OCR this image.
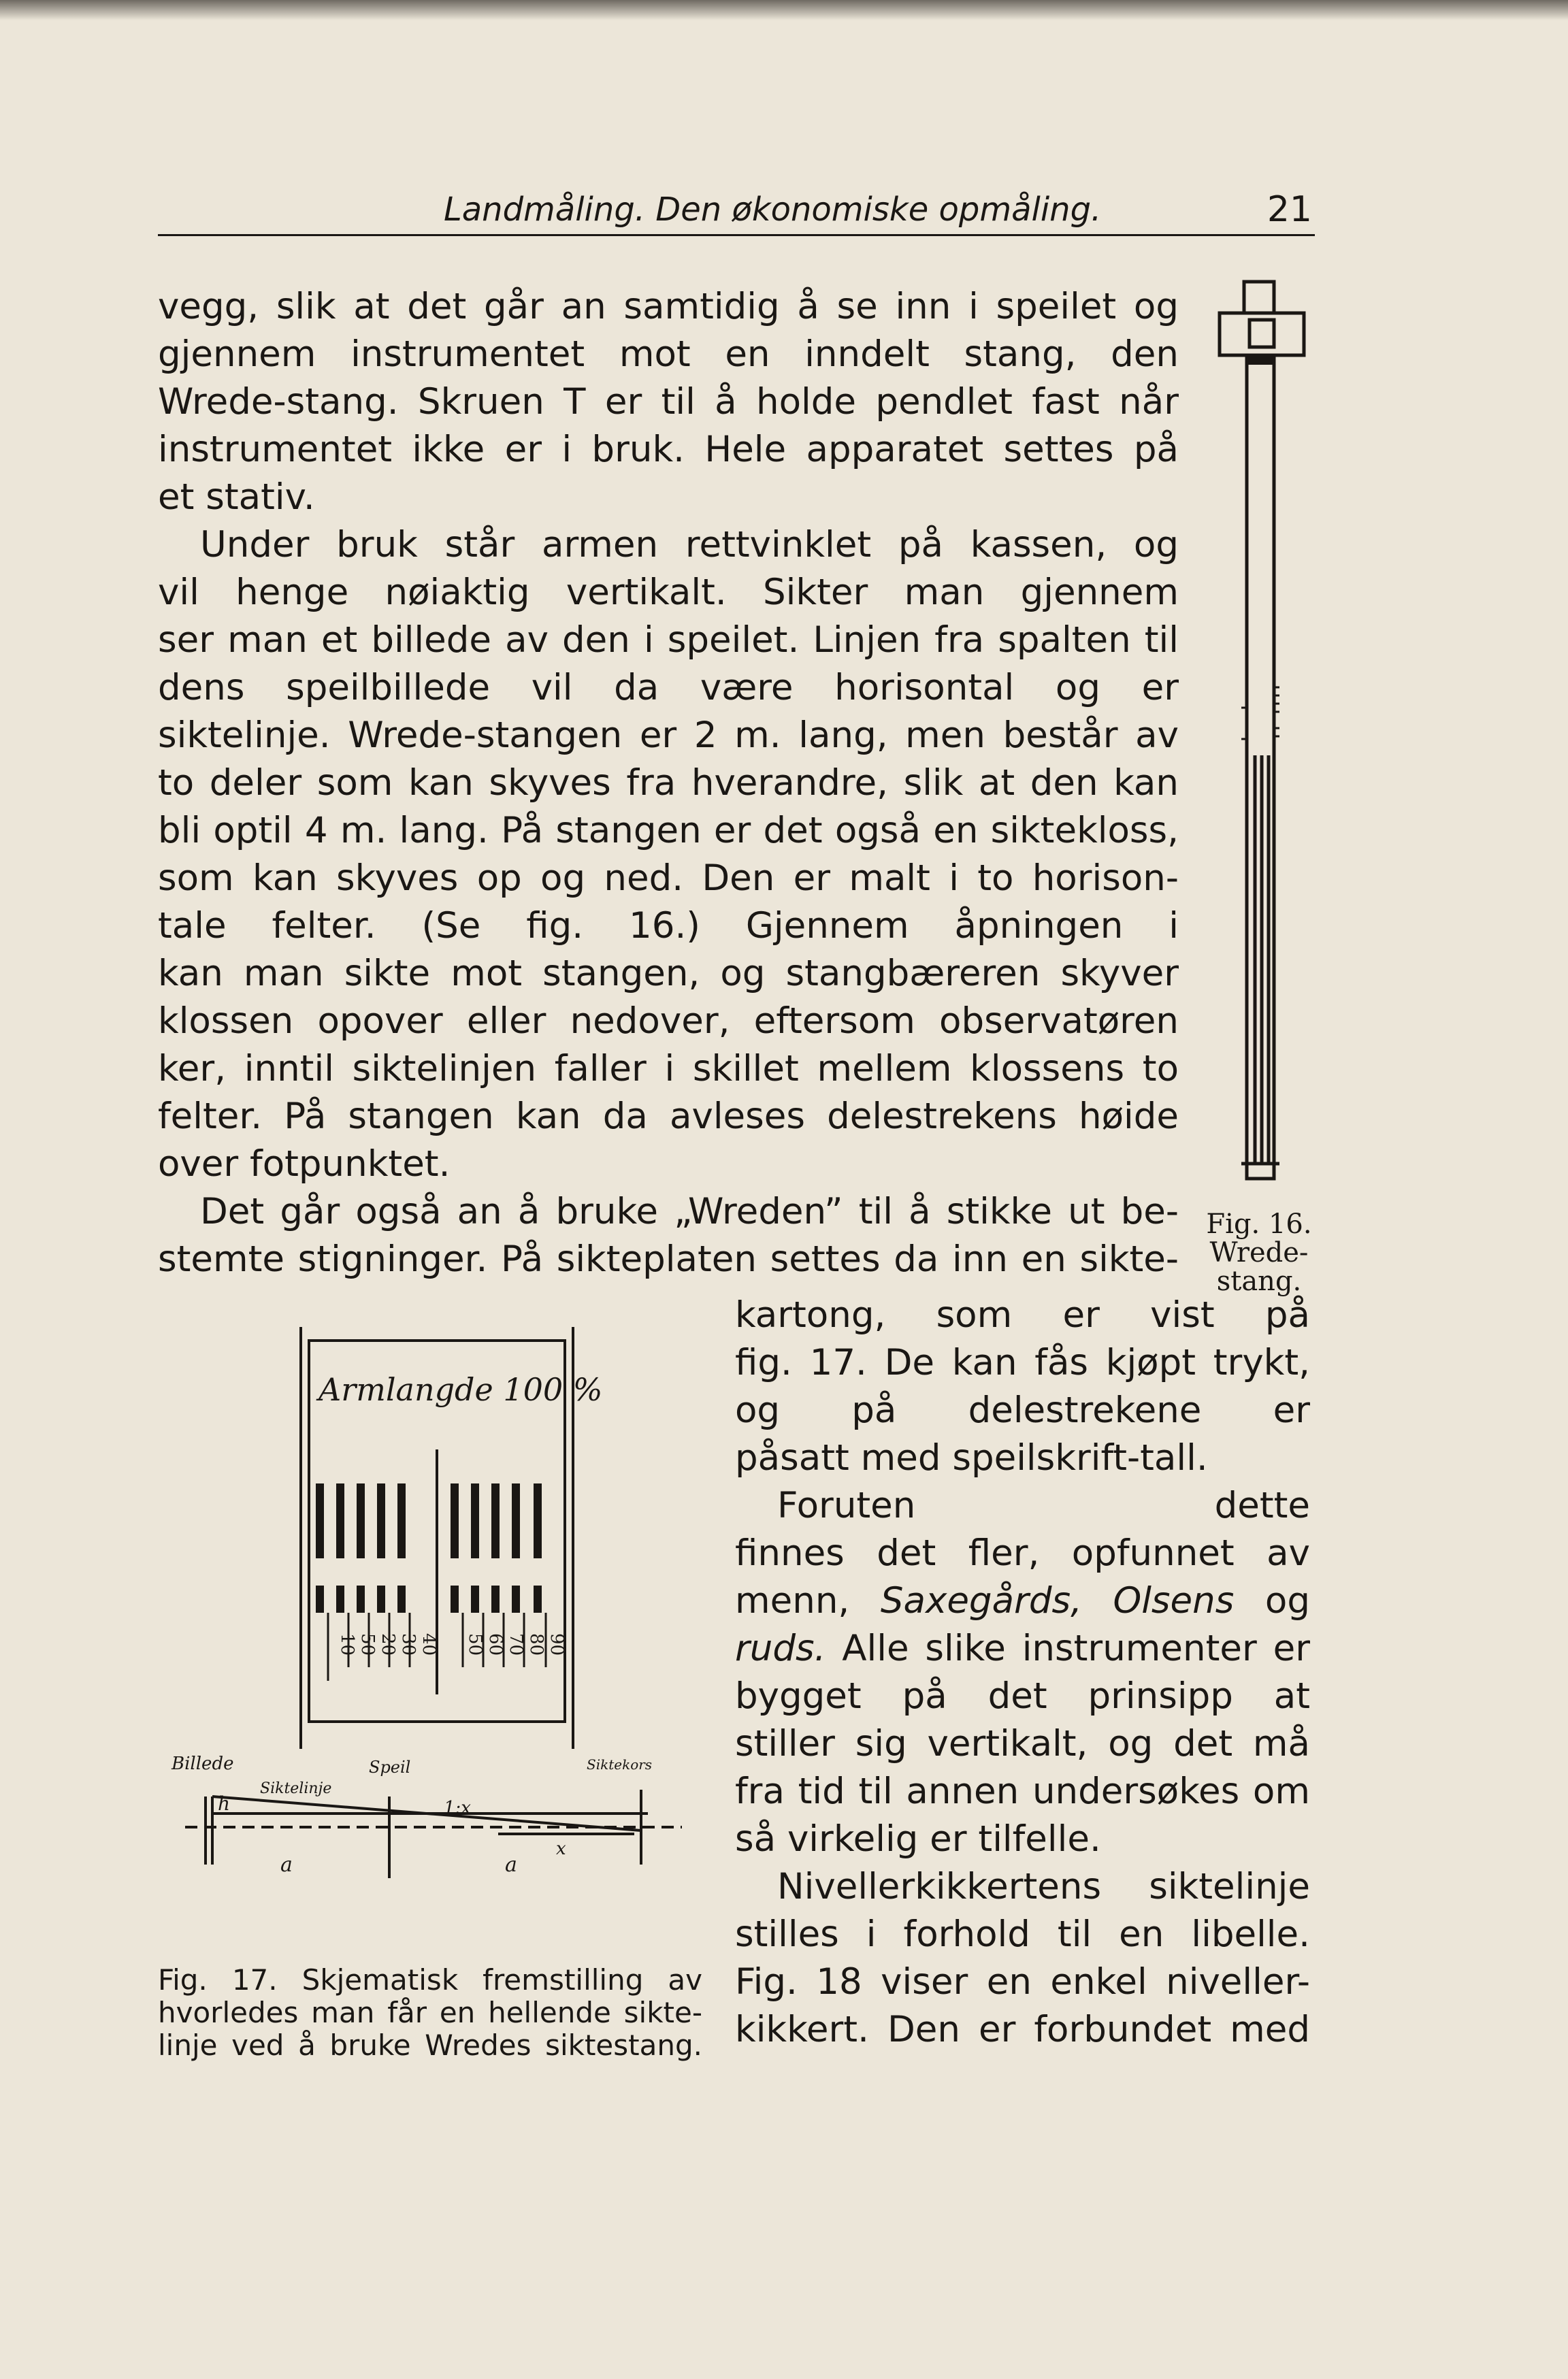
Landmåling. Den økonomiske opmåling.	21
vegg, slik at det går an samtidig å se inn i speilet og
gjennem instrumentet mot en inndelt stang, den
Wrede-stang. Skruen T er til å holde pendlet fast når
instrumentet ikke er i bruk. Hele apparatet settes på
et stativ.
Under bruk står armen rettvinklet på kassen, og
vil henge nøiaktig vertikalt. Sikter man gjennem
ser man et billede av den i speilet. Linjen fra spalten til
dens speilbillede vil da være horisontal og er
siktelinje. Wrede-stangen er 2 m. lang, men består av
to deler som kan skyves fra hverandre, slik at den kan
bli optil 4 m. lang. På stangen er det også en siktekloss,
som kan skyves op og ned. Den er malt i to horison-
tale felter. (Se fig. 16.) Gjennem åpningen i
kan man sikte mot stangen, og stangbæreren skyver
klossen opover eller nedover, eftersom observatøren
ker, inntil siktelinjen faller i skillet mellem klossens to
felter. På stangen kan da avleses delestrekens høide
over fotpunktet.
Det går også an å bruke „Wreden” til å stikke ut be-
stemte stigninger. På sikteplaten settes da inn en sikte-
Fig. 16.
Wrede-
stang.
kartong, som er vist på
fig. 17. De kan fås kjøpt trykt,
og på delestrekene er
påsatt med speilskrift-tall.
Foruten dette
finnes det fler, opfunnet av
menn, Saxegårds, Olsens og
ruds. Alle slike instrumenter er
bygget på det prinsipp at
stiller sig vertikalt, og det må
fra tid til annen undersøkes om
så virkelig er tilfelle.
Nivellerkikkertens siktelinje
stilles i forhold til en libelle.
Fig. 18 viser en enkel niveller-
kikkert. Den er forbundet med
Armlangde 100 %
10 50 20 30 40 50 60 70 80 90
Billede	Speil	Siktekors
Siktelinje
h	1:x
a	a
x
Fig. 17. Skjematisk fremstilling av
hvorledes man får en hellende sikte-
linje ved å bruke Wredes siktestang.
